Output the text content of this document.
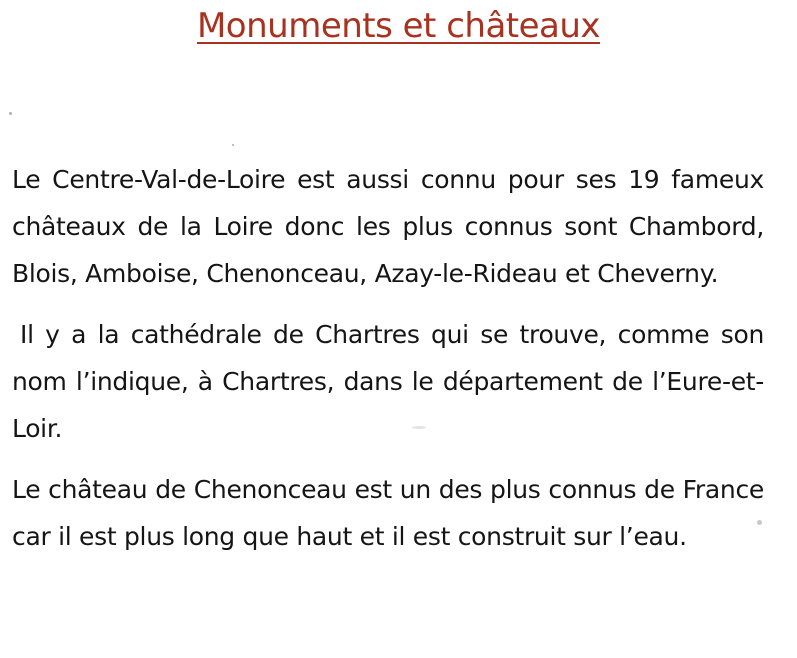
Monuments et châteaux

Le Centre-Val-de-Loire est aussi connu pour ses 19 fameux châteaux de la Loire donc les plus connus sont Chambord, Blois, Amboise, Chenonceau, Azay-le-Rideau et Cheverny.

Il y a la cathédrale de Chartres qui se trouve, comme son nom l’indique, à Chartres, dans le département de l’Eure-et-Loir.

Le château de Chenonceau est un des plus connus de France car il est plus long que haut et il est construit sur l’eau.
